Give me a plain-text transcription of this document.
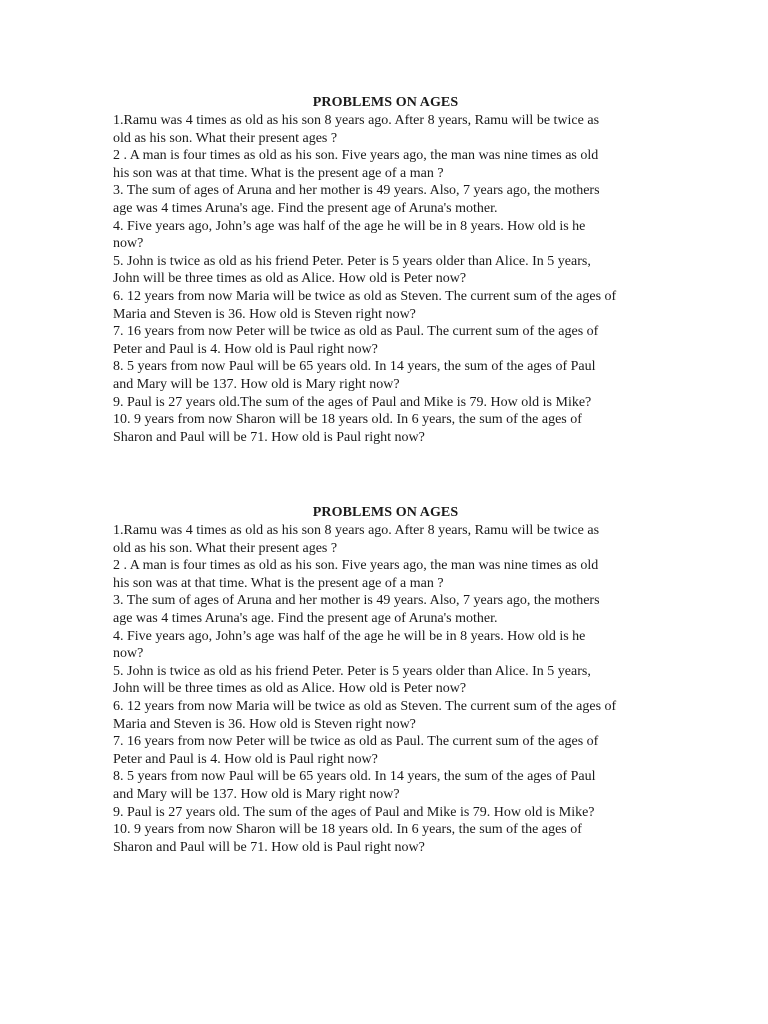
PROBLEMS ON AGES

1.Ramu was 4 times as old as his son 8 years ago. After 8 years, Ramu will be twice as

old as his son. What their present ages ?

2 . A man is four times as old as his son. Five years ago, the man was nine times as old

his son was at that time. What is the present age of a man ?

3. The sum of ages of Aruna and her mother is 49 years. Also, 7 years ago, the mothers

age was 4 times Aruna's age. Find the present age of Aruna's mother.

4. Five years ago, John’s age was half of the age he will be in 8 years. How old is he

now?

5. John is twice as old as his friend Peter. Peter is 5 years older than Alice. In 5 years,

John will be three times as old as Alice. How old is Peter now?

6. 12 years from now Maria will be twice as old as Steven. The current sum of the ages of

Maria and Steven is 36. How old is Steven right now?

7. 16 years from now Peter will be twice as old as Paul. The current sum of the ages of

Peter and Paul is 4. How old is Paul right now?

8. 5 years from now Paul will be 65 years old. In 14 years, the sum of the ages of Paul

and Mary will be 137. How old is Mary right now?

9. Paul is 27 years old.The sum of the ages of Paul and Mike is 79. How old is Mike?

10. 9 years from now Sharon will be 18 years old. In 6 years, the sum of the ages of

Sharon and Paul will be 71. How old is Paul right now?

PROBLEMS ON AGES

1.Ramu was 4 times as old as his son 8 years ago. After 8 years, Ramu will be twice as

old as his son. What their present ages ?

2 . A man is four times as old as his son. Five years ago, the man was nine times as old

his son was at that time. What is the present age of a man ?

3. The sum of ages of Aruna and her mother is 49 years. Also, 7 years ago, the mothers

age was 4 times Aruna's age. Find the present age of Aruna's mother.

4. Five years ago, John’s age was half of the age he will be in 8 years. How old is he

now?

5. John is twice as old as his friend Peter. Peter is 5 years older than Alice. In 5 years,

John will be three times as old as Alice. How old is Peter now?

6. 12 years from now Maria will be twice as old as Steven. The current sum of the ages of

Maria and Steven is 36. How old is Steven right now?

7. 16 years from now Peter will be twice as old as Paul. The current sum of the ages of

Peter and Paul is 4. How old is Paul right now?

8. 5 years from now Paul will be 65 years old. In 14 years, the sum of the ages of Paul

and Mary will be 137. How old is Mary right now?

9. Paul is 27 years old. The sum of the ages of Paul and Mike is 79. How old is Mike?

10. 9 years from now Sharon will be 18 years old. In 6 years, the sum of the ages of

Sharon and Paul will be 71. How old is Paul right now?
